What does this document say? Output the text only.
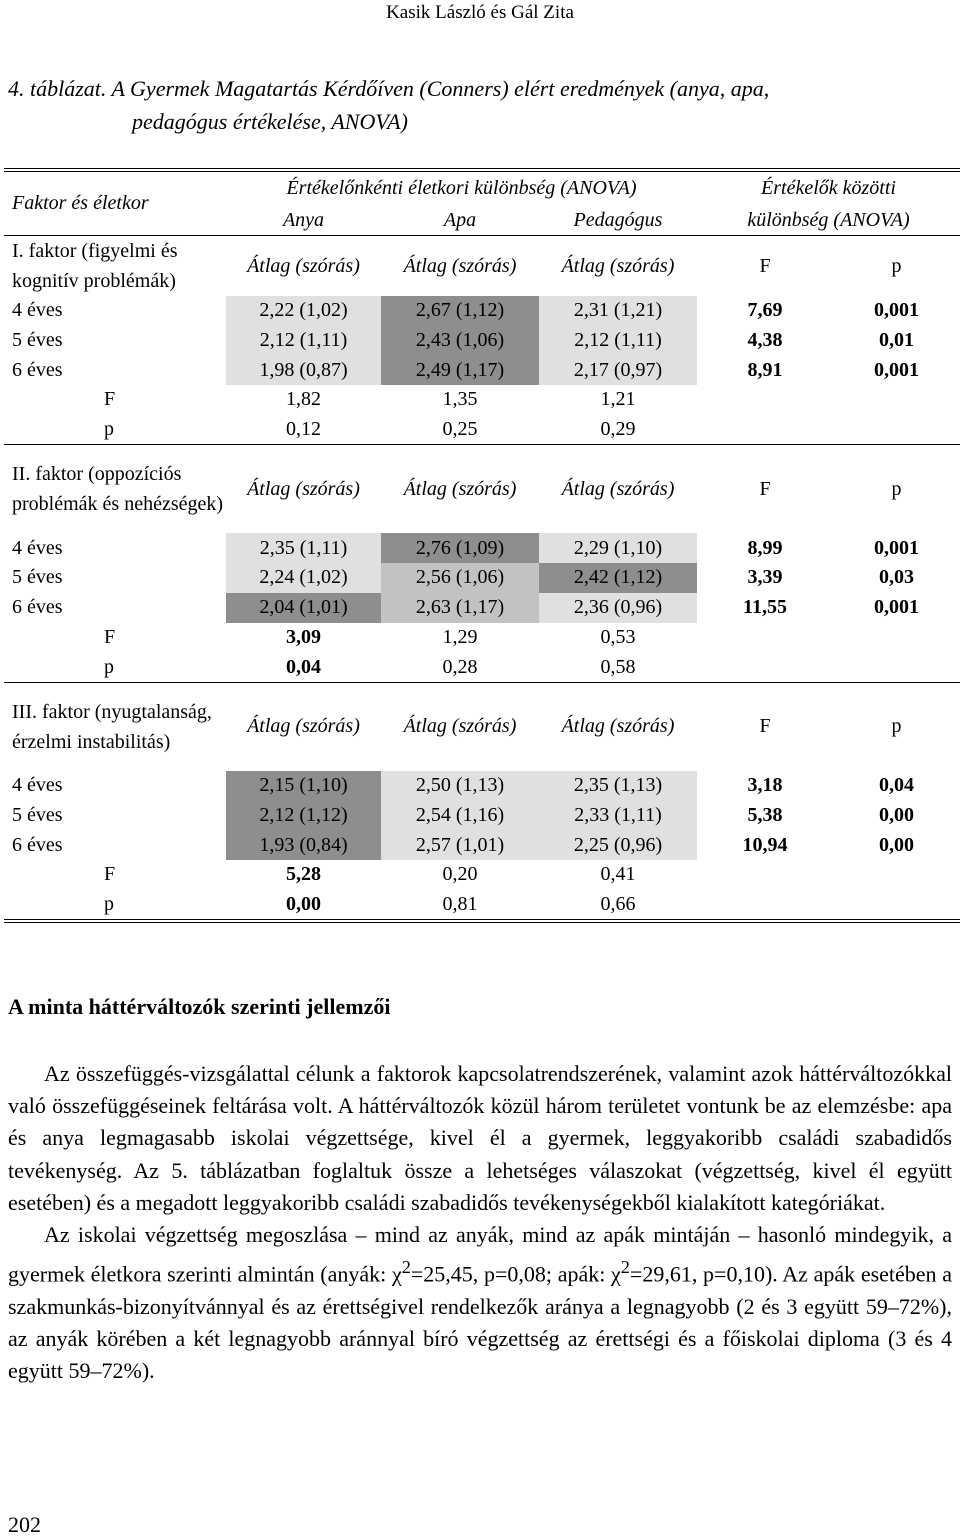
Kasik László és Gál Zita
4. táblázat. A Gyermek Magatartás Kérdőíven (Conners) elért eredmények (anya, apa,
pedagógus értékelése, ANOVA)
Faktor és életkor	Értékelőnkénti életkori különbség (ANOVA)			Értékelők közötti	
	Anya	Apa	Pedagógus	különbség (ANOVA)	
I. faktor (figyelmi és kognitív problémák)	Átlag (szórás)	Átlag (szórás)	Átlag (szórás)	F	p
4 éves	2,22 (1,02)	2,67 (1,12)	2,31 (1,21)	7,69	0,001
5 éves	2,12 (1,11)	2,43 (1,06)	2,12 (1,11)	4,38	0,01
6 éves	1,98 (0,87)	2,49 (1,17)	2,17 (0,97)	8,91	0,001
F	1,82	1,35	1,21		
p	0,12	0,25	0,29		
II. faktor (oppozíciós problémák és nehézségek)	Átlag (szórás)	Átlag (szórás)	Átlag (szórás)	F	p
4 éves	2,35 (1,11)	2,76 (1,09)	2,29 (1,10)	8,99	0,001
5 éves	2,24 (1,02)	2,56 (1,06)	2,42 (1,12)	3,39	0,03
6 éves	2,04 (1,01)	2,63 (1,17)	2,36 (0,96)	11,55	0,001
F	3,09	1,29	0,53		
p	0,04	0,28	0,58		
III. faktor (nyugtalanság, érzelmi instabilitás)	Átlag (szórás)	Átlag (szórás)	Átlag (szórás)	F	p
4 éves	2,15 (1,10)	2,50 (1,13)	2,35 (1,13)	3,18	0,04
5 éves	2,12 (1,12)	2,54 (1,16)	2,33 (1,11)	5,38	0,00
6 éves	1,93 (0,84)	2,57 (1,01)	2,25 (0,96)	10,94	0,00
F	5,28	0,20	0,41		
p	0,00	0,81	0,66		
A minta háttérváltozók szerinti jellemzői

Az összefüggés-vizsgálattal célunk a faktorok kapcsolatrendszerének, valamint azok háttérváltozókkal való összefüggéseinek feltárása volt. A háttérváltozók közül három területet vontunk be az elemzésbe: apa és anya legmagasabb iskolai végzettsége, kivel él a gyermek, leggyakoribb családi szabadidős tevékenység. Az 5. táblázatban foglaltuk össze a lehetséges válaszokat (végzettség, kivel él együtt esetében) és a megadott leggyakoribb családi szabadidős tevékenységekből kialakított kategóriákat.

Az iskolai végzettség megoszlása – mind az anyák, mind az apák mintáján – hasonló mindegyik, a gyermek életkora szerinti almintán (anyák: $\chi^2=25,45$, p=0,08; apák: $\chi^2=29,61$, p=0,10). Az apák esetében a szakmunkás-bizonyítvánnyal és az érettségivel rendelkezők aránya a legnagyobb (2 és 3 együtt 59–72%), az anyák körében a két legnagyobb aránnyal bíró végzettség az érettségi és a főiskolai diploma (3 és 4 együtt 59–72%).

202
